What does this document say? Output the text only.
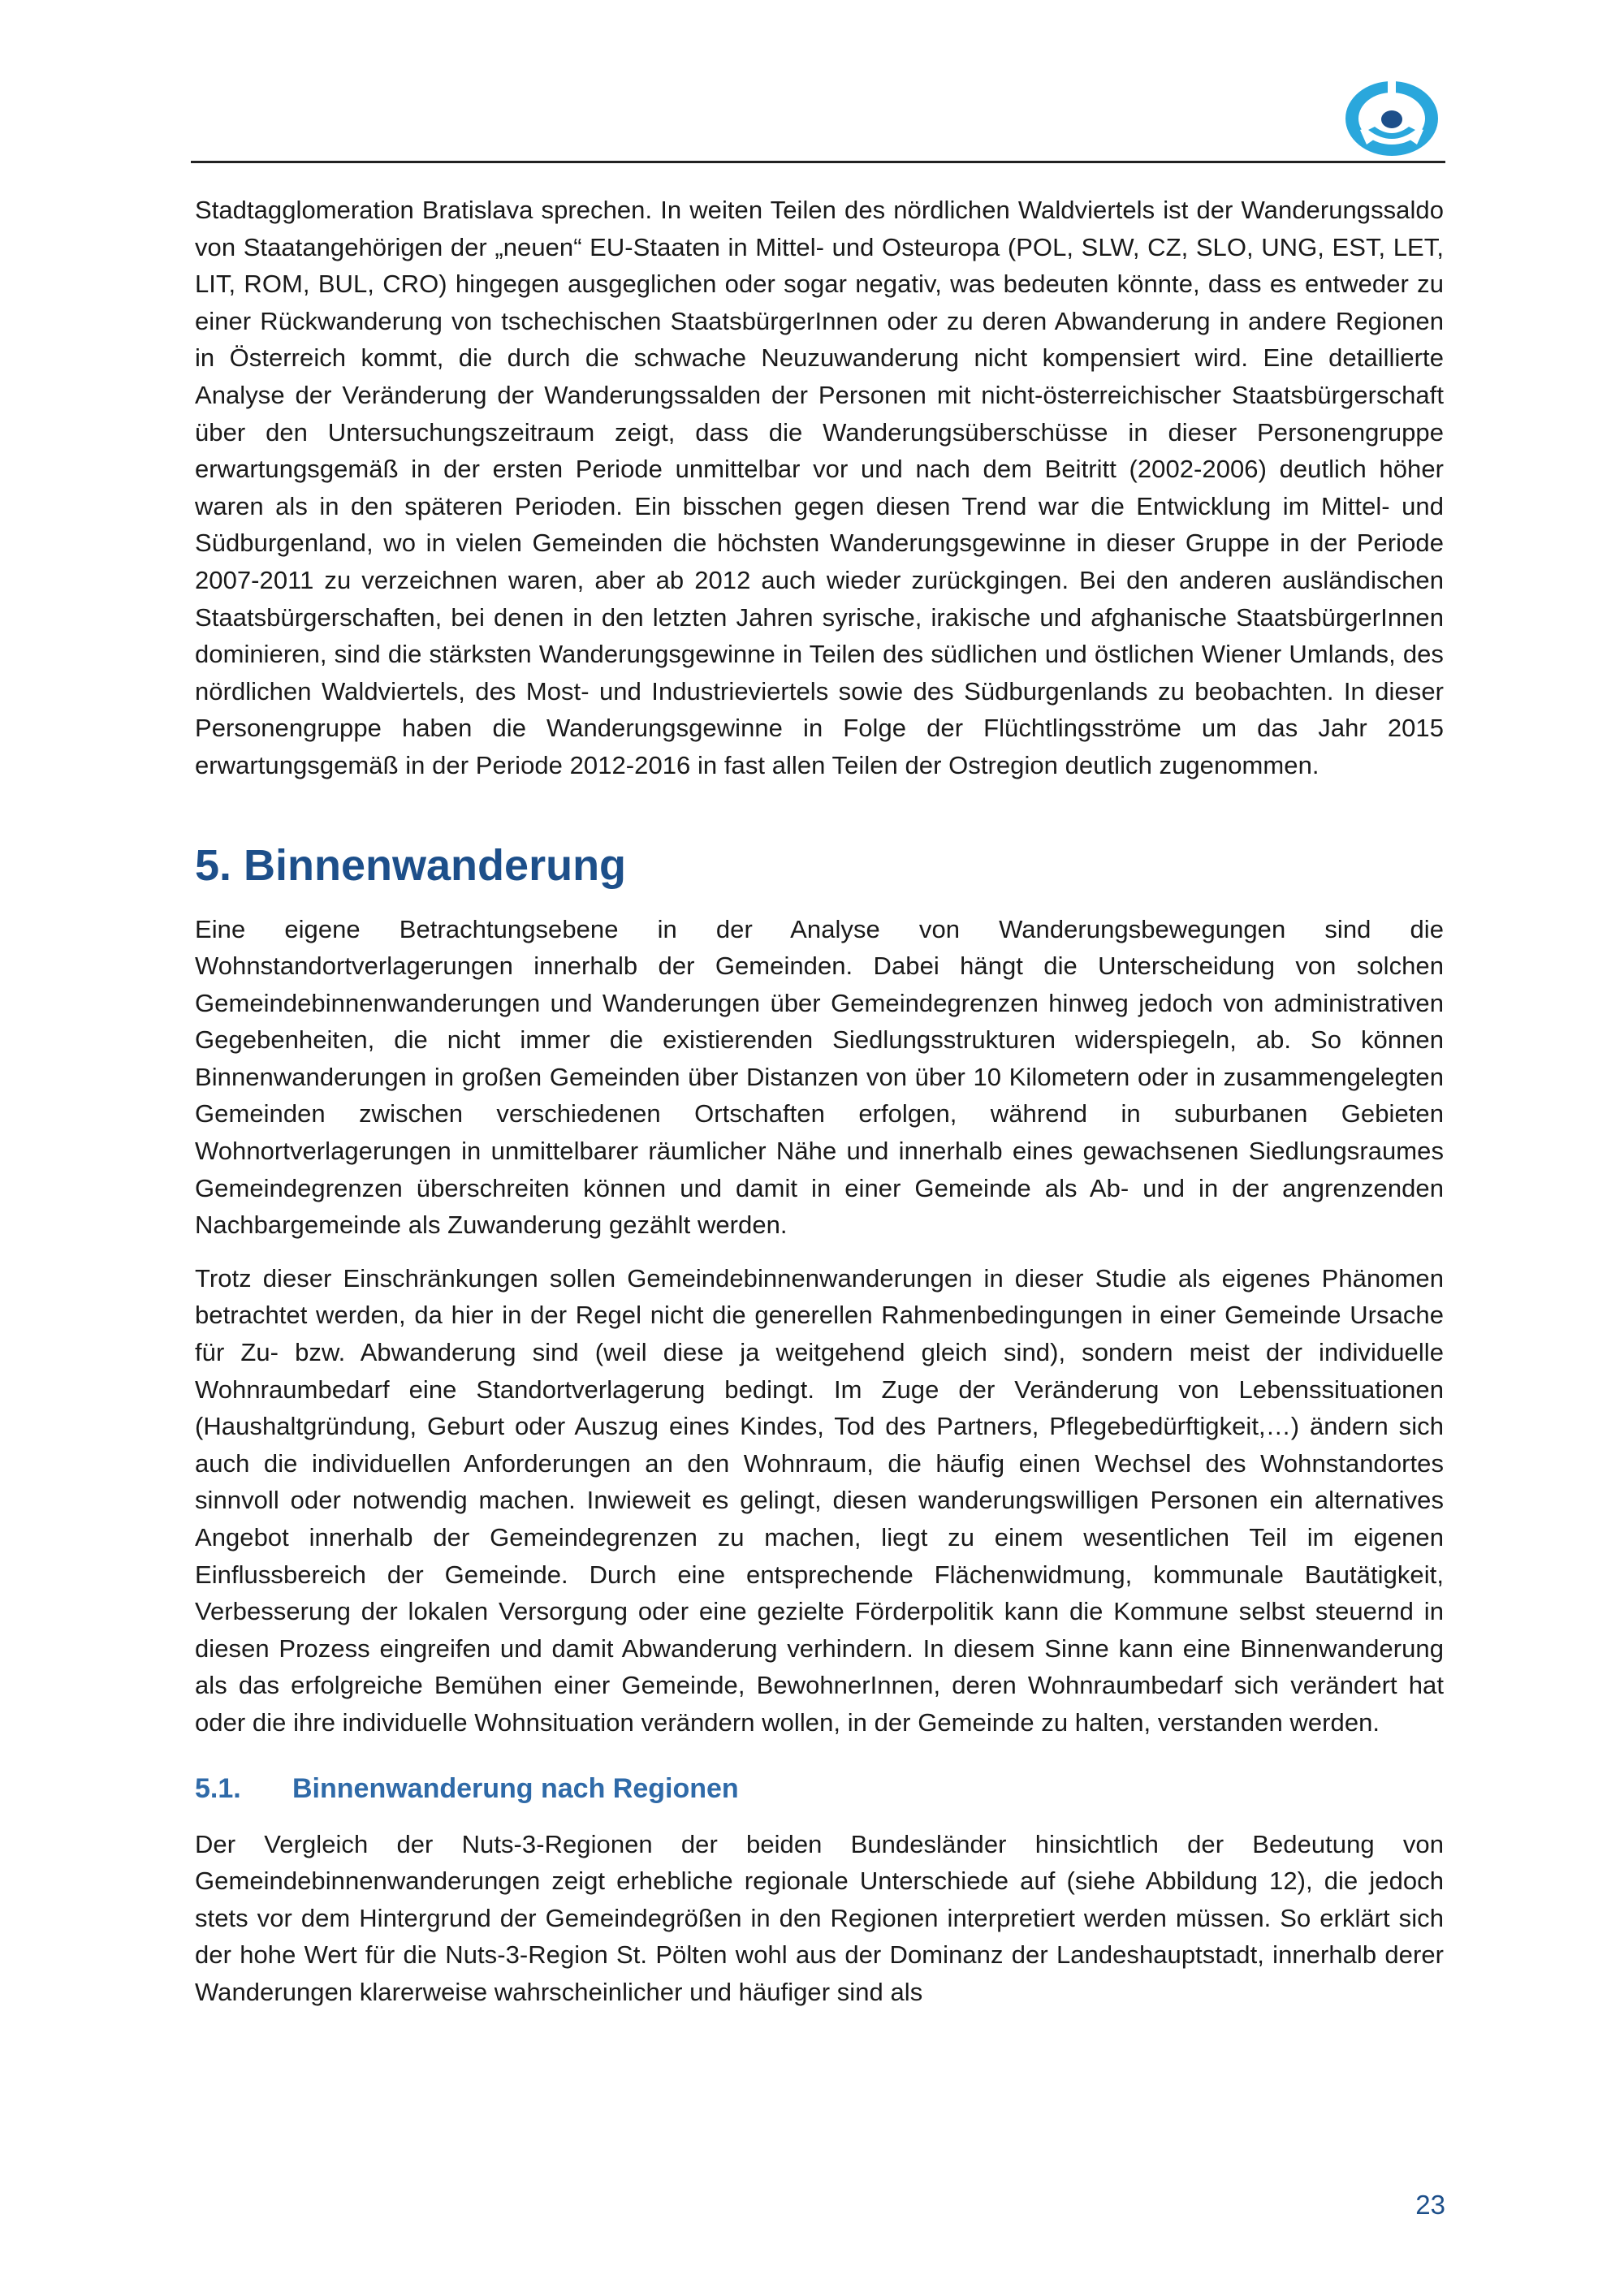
Stadtagglomeration Bratislava sprechen. In weiten Teilen des nördlichen Waldviertels ist der Wanderungssaldo von Staatangehörigen der „neuen“ EU-Staaten in Mittel- und Osteuropa (POL, SLW, CZ, SLO, UNG, EST, LET, LIT, ROM, BUL, CRO) hingegen ausgeglichen oder sogar negativ, was bedeuten könnte, dass es entweder zu einer Rückwanderung von tschechischen StaatsbürgerInnen oder zu deren Abwanderung in andere Regionen in Österreich kommt, die durch die schwache Neuzuwanderung nicht kompensiert wird. Eine detaillierte Analyse der Veränderung der Wanderungssalden der Personen mit nicht-österreichischer Staatsbürgerschaft über den Untersuchungszeitraum zeigt, dass die Wanderungsüberschüsse in dieser Personengruppe erwartungsgemäß in der ersten Periode unmittelbar vor und nach dem Beitritt (2002-2006) deutlich höher waren als in den späteren Perioden. Ein bisschen gegen diesen Trend war die Entwicklung im Mittel- und Südburgenland, wo in vielen Gemeinden die höchsten Wanderungsgewinne in dieser Gruppe in der Periode 2007-2011 zu verzeichnen waren, aber ab 2012 auch wieder zurückgingen. Bei den anderen ausländischen Staatsbürgerschaften, bei denen in den letzten Jahren syrische, irakische und afghanische StaatsbürgerInnen dominieren, sind die stärksten Wanderungsgewinne in Teilen des südlichen und östlichen Wiener Umlands, des nördlichen Waldviertels, des Most- und Industrieviertels sowie des Südburgenlands zu beobachten. In dieser Personengruppe haben die Wanderungsgewinne in Folge der Flüchtlingsströme um das Jahr 2015 erwartungsgemäß in der Periode 2012-2016 in fast allen Teilen der Ostregion deutlich zugenommen.

5. Binnenwanderung

Eine eigene Betrachtungsebene in der Analyse von Wanderungsbewegungen sind die Wohnstandortverlagerungen innerhalb der Gemeinden. Dabei hängt die Unterscheidung von solchen Gemeindebinnenwanderungen und Wanderungen über Gemeindegrenzen hinweg jedoch von administrativen Gegebenheiten, die nicht immer die existierenden Siedlungsstrukturen widerspiegeln, ab. So können Binnenwanderungen in großen Gemeinden über Distanzen von über 10 Kilometern oder in zusammengelegten Gemeinden zwischen verschiedenen Ortschaften erfolgen, während in suburbanen Gebieten Wohnortverlagerungen in unmittelbarer räumlicher Nähe und innerhalb eines gewachsenen Siedlungsraumes Gemeindegrenzen überschreiten können und damit in einer Gemeinde als Ab- und in der angrenzenden Nachbargemeinde als Zuwanderung gezählt werden.

Trotz dieser Einschränkungen sollen Gemeindebinnenwanderungen in dieser Studie als eigenes Phänomen betrachtet werden, da hier in der Regel nicht die generellen Rahmenbedingungen in einer Gemeinde Ursache für Zu- bzw. Abwanderung sind (weil diese ja weitgehend gleich sind), sondern meist der individuelle Wohnraumbedarf eine Standortverlagerung bedingt. Im Zuge der Veränderung von Lebenssituationen (Haushaltgründung, Geburt oder Auszug eines Kindes, Tod des Partners, Pflegebedürftigkeit,…) ändern sich auch die individuellen Anforderungen an den Wohnraum, die häufig einen Wechsel des Wohnstandortes sinnvoll oder notwendig machen. Inwieweit es gelingt, diesen wanderungswilligen Personen ein alternatives Angebot innerhalb der Gemeindegrenzen zu machen, liegt zu einem wesentlichen Teil im eigenen Einflussbereich der Gemeinde. Durch eine entsprechende Flächenwidmung, kommunale Bautätigkeit, Verbesserung der lokalen Versorgung oder eine gezielte Förderpolitik kann die Kommune selbst steuernd in diesen Prozess eingreifen und damit Abwanderung verhindern. In diesem Sinne kann eine Binnenwanderung als das erfolgreiche Bemühen einer Gemeinde, BewohnerInnen, deren Wohnraumbedarf sich verändert hat oder die ihre individuelle Wohnsituation verändern wollen, in der Gemeinde zu halten, verstanden werden.

5.1.	Binnenwanderung nach Regionen

Der Vergleich der Nuts-3-Regionen der beiden Bundesländer hinsichtlich der Bedeutung von Gemeindebinnenwanderungen zeigt erhebliche regionale Unterschiede auf (siehe Abbildung 12), die jedoch stets vor dem Hintergrund der Gemeindegrößen in den Regionen interpretiert werden müssen. So erklärt sich der hohe Wert für die Nuts-3-Region St. Pölten wohl aus der Dominanz der Landeshauptstadt, innerhalb derer Wanderungen klarerweise wahrscheinlicher und häufiger sind als

23
